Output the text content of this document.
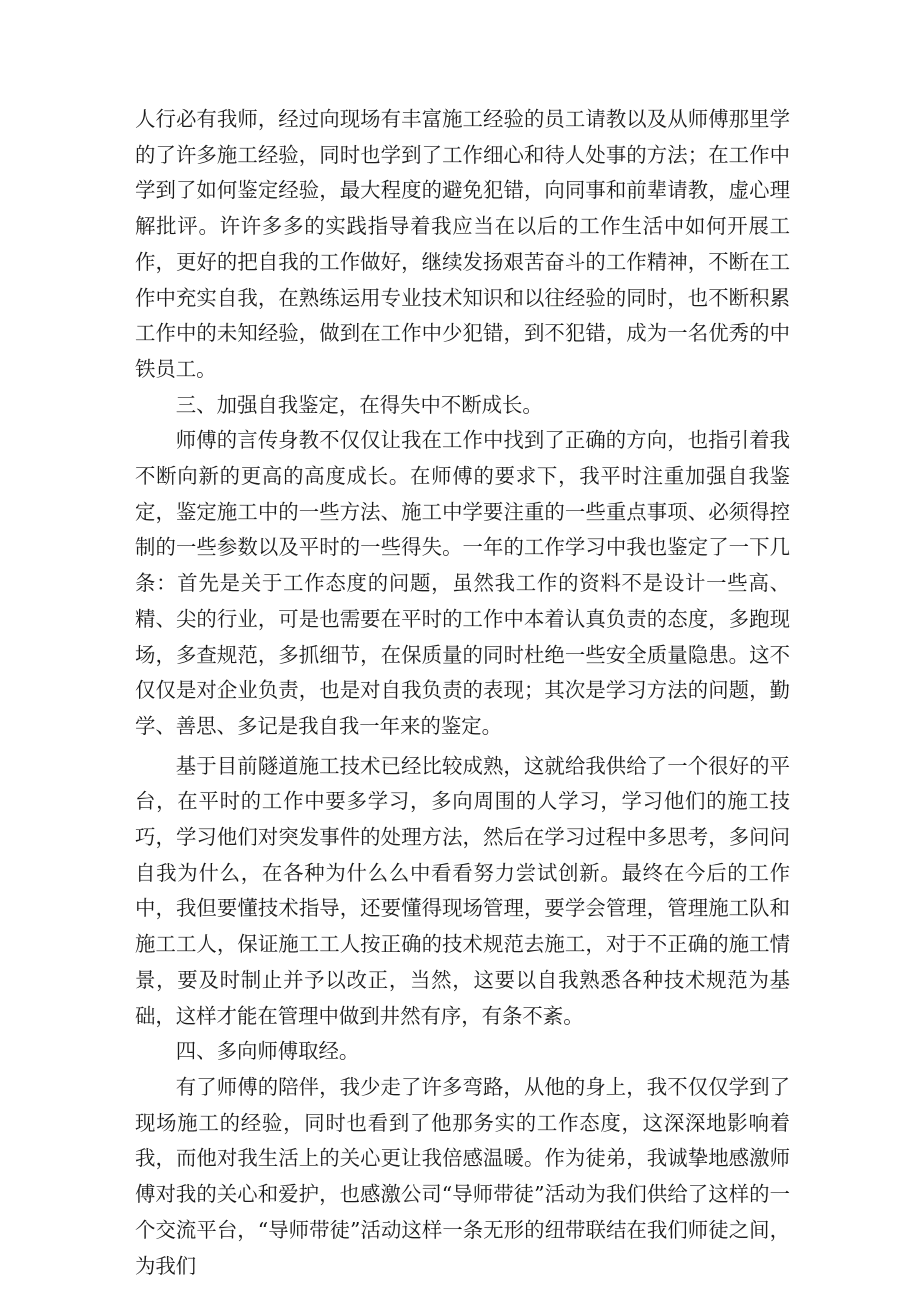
人行必有我师，经过向现场有丰富施工经验的员工请教以及从师傅那里学的了许多施工经验，同时也学到了工作细心和待人处事的方法；在工作中学到了如何鉴定经验，最大程度的避免犯错，向同事和前辈请教，虚心理解批评。许许多多的实践指导着我应当在以后的工作生活中如何开展工作，更好的把自我的工作做好，继续发扬艰苦奋斗的工作精神，不断在工作中充实自我，在熟练运用专业技术知识和以往经验的同时，也不断积累工作中的未知经验，做到在工作中少犯错，到不犯错，成为一名优秀的中铁员工。

三、加强自我鉴定，在得失中不断成长。

师傅的言传身教不仅仅让我在工作中找到了正确的方向，也指引着我不断向新的更高的高度成长。在师傅的要求下，我平时注重加强自我鉴定，鉴定施工中的一些方法、施工中学要注重的一些重点事项、必须得控制的一些参数以及平时的一些得失。一年的工作学习中我也鉴定了一下几条：首先是关于工作态度的问题，虽然我工作的资料不是设计一些高、精、尖的行业，可是也需要在平时的工作中本着认真负责的态度，多跑现场，多查规范，多抓细节，在保质量的同时杜绝一些安全质量隐患。这不仅仅是对企业负责，也是对自我负责的表现；其次是学习方法的问题，勤学、善思、多记是我自我一年来的鉴定。

基于目前隧道施工技术已经比较成熟，这就给我供给了一个很好的平台，在平时的工作中要多学习，多向周围的人学习，学习他们的施工技巧，学习他们对突发事件的处理方法，然后在学习过程中多思考，多问问自我为什么，在各种为什么么中看看努力尝试创新。最终在今后的工作中，我但要懂技术指导，还要懂得现场管理，要学会管理，管理施工队和施工工人，保证施工工人按正确的技术规范去施工，对于不正确的施工情景，要及时制止并予以改正，当然，这要以自我熟悉各种技术规范为基础，这样才能在管理中做到井然有序，有条不紊。

四、多向师傅取经。

有了师傅的陪伴，我少走了许多弯路，从他的身上，我不仅仅学到了现场施工的经验，同时也看到了他那务实的工作态度，这深深地影响着我，而他对我生活上的关心更让我倍感温暖。作为徒弟，我诚挚地感激师傅对我的关心和爱护，也感激公司“导师带徒”活动为我们供给了这样的一个交流平台，“导师带徒”活动这样一条无形的纽带联结在我们师徒之间，为我们
